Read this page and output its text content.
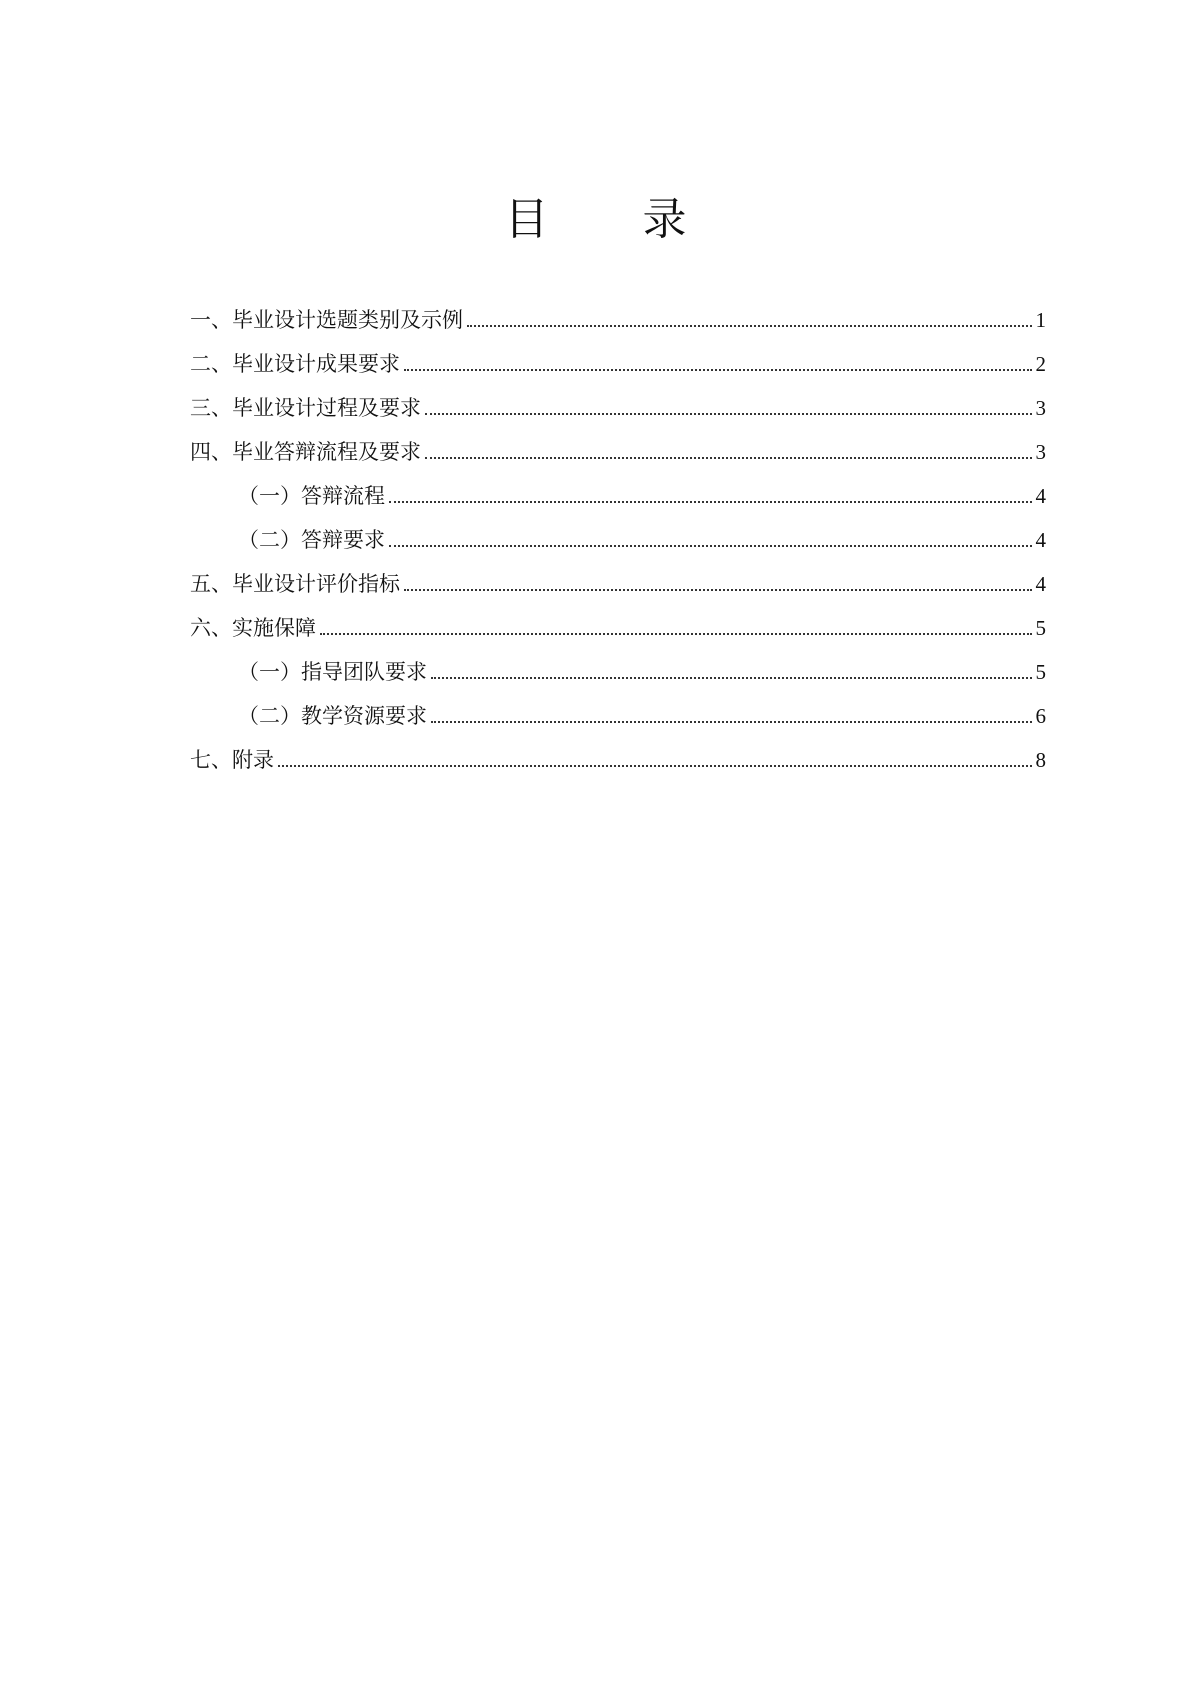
目 录
一、毕业设计选题类别及示例	1
二、毕业设计成果要求	2
三、毕业设计过程及要求	3
四、毕业答辩流程及要求	3
（一）答辩流程	4
（二）答辩要求	4
五、毕业设计评价指标	4
六、实施保障	5
（一）指导团队要求	5
（二）教学资源要求	6
七、附录	8
